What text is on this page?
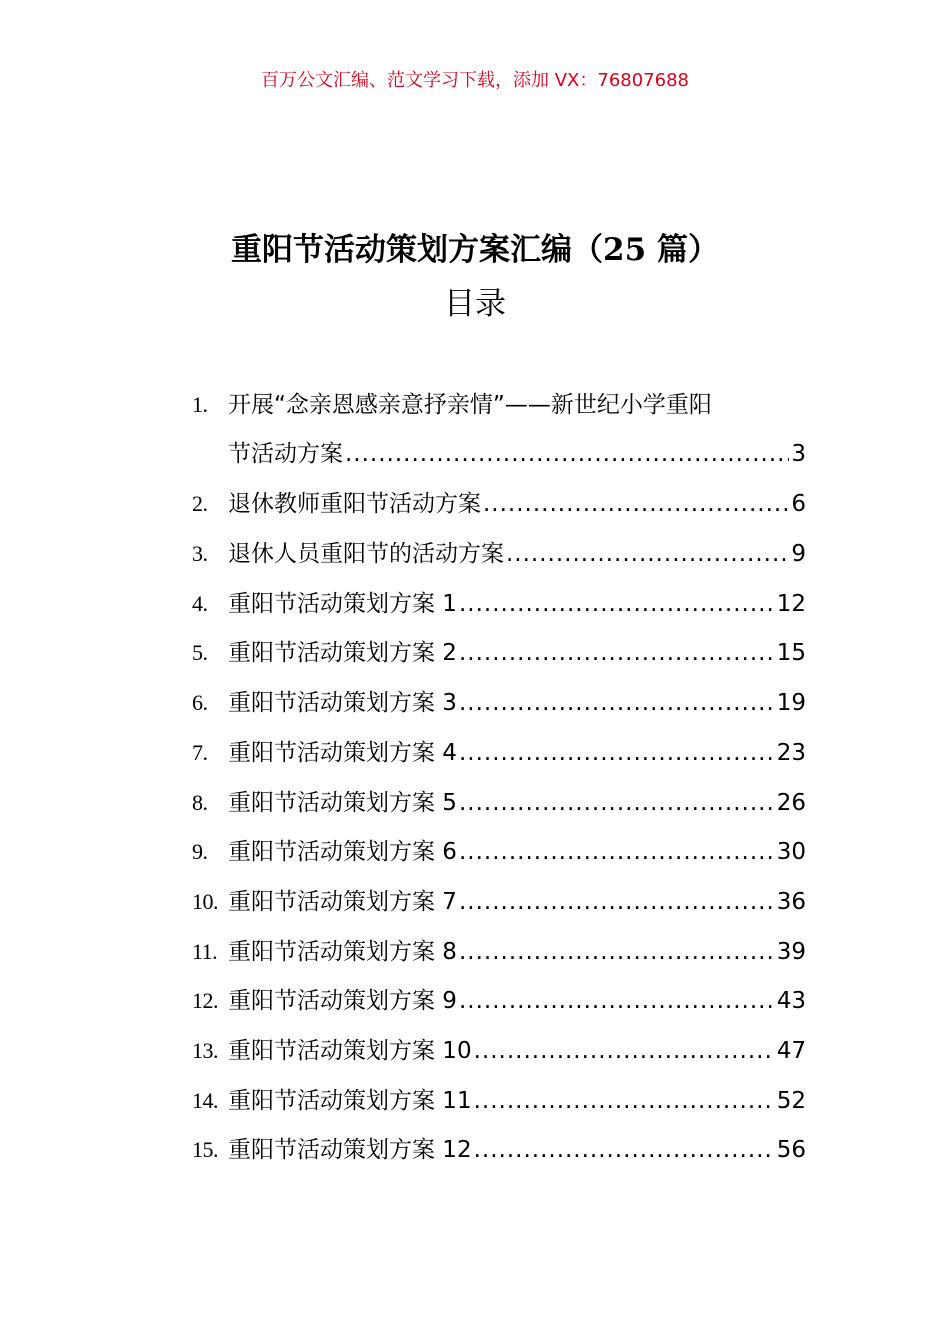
百万公文汇编、范文学习下载，添加 VX：76807688
重阳节活动策划方案汇编（25 篇）
目录
1. 开展“念亲恩感亲意抒亲情”——新世纪小学重阳
节活动方案 .....	3
2. 退休教师重阳节活动方案 .....	6
3. 退休人员重阳节的活动方案 .....	9
4. 重阳节活动策划方案 1 .....	12
5. 重阳节活动策划方案 2 .....	15
6. 重阳节活动策划方案 3 .....	19
7. 重阳节活动策划方案 4 .....	23
8. 重阳节活动策划方案 5 .....	26
9. 重阳节活动策划方案 6 .....	30
10. 重阳节活动策划方案 7 .....	36
11. 重阳节活动策划方案 8 .....	39
12. 重阳节活动策划方案 9 .....	43
13. 重阳节活动策划方案 10 .....	47
14. 重阳节活动策划方案 11 .....	52
15. 重阳节活动策划方案 12 .....	56
